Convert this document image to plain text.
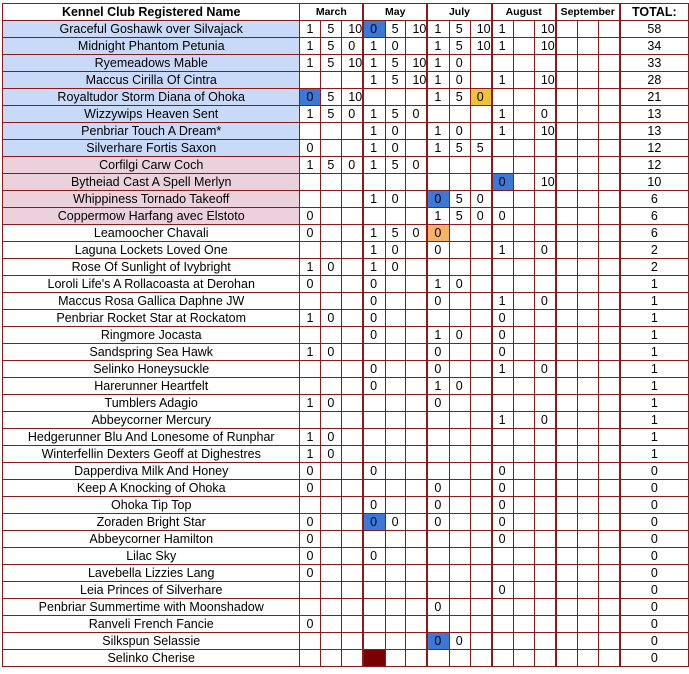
Kennel Club Registered Name	March			May			July			August			September			TOTAL:
Graceful Goshawk over Silvajack	1	5	10	0	5	10	1	5	10	1		10				58
Midnight Phantom Petunia	1	5	0	1	0		1	5	10	1		10				34
Ryemeadows Mable	1	5	10	1	5	10	1	0								33
Maccus Cirilla Of Cintra				1	5	10	1	0		1		10				28
Royaltudor Storm Diana of Ohoka	0	5	10				1	5	0							21
Wizzywips Heaven Sent	1	5	0	1	5	0				1		0				13
Penbriar Touch A Dream*				1	0		1	0		1		10				13
Silverhare Fortis Saxon	0			1	0		1	5	5							12
Corfilgi Carw Coch	1	5	0	1	5	0										12
Bytheiad Cast A Spell Merlyn										0		10				10
Whippiness Tornado Takeoff				1	0		0	5	0							6
Coppermow Harfang avec Elstoto	0						1	5	0	0						6
Leamoocher Chavali	0			1	5	0	0									6
Laguna Lockets Loved One				1	0		0			1		0				2
Rose Of Sunlight of Ivybright	1	0		1	0											2
Loroli Life's A Rollacoasta at Derohan	0			0			1	0								1
Maccus Rosa Gallica Daphne JW				0			0			1		0				1
Penbriar Rocket Star at Rockatom	1	0		0						0						1
Ringmore Jocasta				0			1	0		0						1
Sandspring Sea Hawk	1	0					0			0						1
Selinko Honeysuckle				0			0			1		0				1
Harerunner Heartfelt				0			1	0								1
Tumblers Adagio	1	0					0									1
Abbeycorner Mercury										1		0				1
Hedgerunner Blu And Lonesome of Runphar	1	0														1
Winterfellin Dexters Geoff at Dighestres	1	0														1
Dapperdiva Milk And Honey	0			0						0						0
Keep A Knocking of Ohoka	0						0			0						0
Ohoka Tip Top				0			0			0						0
Zoraden Bright Star	0			0	0		0			0						0
Abbeycorner Hamilton	0									0						0
Lilac Sky	0			0												0
Lavebella Lizzies Lang	0															0
Leia Princes of Silverhare										0						0
Penbriar Summertime with Moonshadow							0									0
Ranveli French Fancie	0															0
Silkspun Selassie							0	0								0
Selinko Cherise																0
